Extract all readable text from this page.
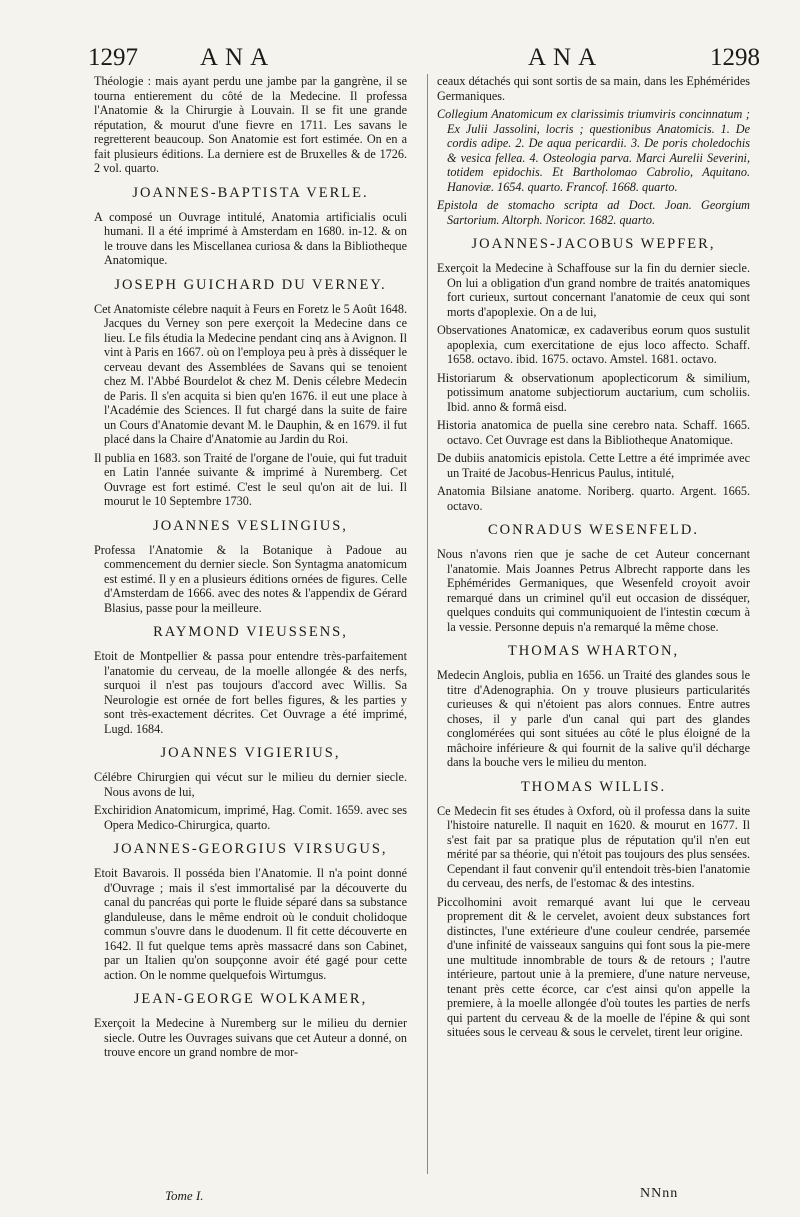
1297 ANA	ANA	1298
Théologie : mais ayant perdu une jambe par la gangrène, il se tourna entierement du côté de la Medecine. Il professa l'Anatomie & la Chirurgie à Louvain. Il se fit une grande réputation, & mourut d'une fievre en 1711. Les savans le regretterent beaucoup. Son Anatomie est fort estimée. On en a fait plusieurs éditions. La derniere est de Bruxelles & de 1726. 2 vol. quarto.
JOANNES-BAPTISTA VERLE.
A composé un Ouvrage intitulé, Anatomia artificialis oculi humani. Il a été imprimé à Amsterdam en 1680. in-12. & on le trouve dans les Miscellanea curiosa & dans la Bibliotheque Anatomique.
JOSEPH GUICHARD DU VERNEY.
Cet Anatomiste célebre naquit à Feurs en Foretz le 5 Août 1648. Jacques du Verney son pere exerçoit la Medecine dans ce lieu. Le fils étudia la Medecine pendant cinq ans à Avignon. Il vint à Paris en 1667. où on l'employa peu à près à disséquer le cerveau devant des Assemblées de Savans qui se tenoient chez M. l'Abbé Bourdelot & chez M. Denis célebre Medecin de Paris. Il s'en acquita si bien qu'en 1676. il eut une place à l'Académie des Sciences. Il fut chargé dans la suite de faire un Cours d'Anatomie devant M. le Dauphin, & en 1679. il fut placé dans la Chaire d'Anatomie au Jardin du Roi.
Il publia en 1683. son Traité de l'organe de l'ouie, qui fut traduit en Latin l'année suivante & imprimé à Nuremberg. Cet Ouvrage est fort estimé. C'est le seul qu'on ait de lui. Il mourut le 10 Septembre 1730.
JOANNES VESLINGIUS,
Professa l'Anatomie & la Botanique à Padoue au commencement du dernier siecle. Son Syntagma anatomicum est estimé. Il y en a plusieurs éditions ornées de figures. Celle d'Amsterdam de 1666. avec des notes & l'appendix de Gérard Blasius, passe pour la meilleure.
RAYMOND VIEUSSENS,
Etoit de Montpellier & passa pour entendre très-parfaitement l'anatomie du cerveau, de la moelle allongée & des nerfs, surquoi il n'est pas toujours d'accord avec Willis. Sa Neurologie est ornée de fort belles figures, & les parties y sont très-exactement décrites. Cet Ouvrage a été imprimé, Lugd. 1684.
JOANNES VIGIERIUS,
Célébre Chirurgien qui vécut sur le milieu du dernier siecle. Nous avons de lui,
Exchiridion Anatomicum, imprimé, Hag. Comit. 1659. avec ses Opera Medico-Chirurgica, quarto.
JOANNES-GEORGIUS VIRSUGUS,
Etoit Bavarois. Il posséda bien l'Anatomie. Il n'a point donné d'Ouvrage ; mais il s'est immortalisé par la découverte du canal du pancréas qui porte le fluide séparé dans sa substance glanduleuse, dans le même endroit où le conduit cholidoque commun s'ouvre dans le duodenum. Il fit cette découverte en 1642. Il fut quelque tems après massacré dans son Cabinet, par un Italien qu'on soupçonne avoir été gagé pour cette action. On le nomme quelquefois Wirtumgus.
JEAN-GEORGE WOLKAMER,
Exerçoit la Medecine à Nuremberg sur le milieu du dernier siecle. Outre les Ouvrages suivans que cet Auteur a donné, on trouve encore un grand nombre de mor-
ceaux détachés qui sont sortis de sa main, dans les Ephémérides Germaniques.
Collegium Anatomicum ex clarissimis triumviris concinnatum ; Ex Julii Jassolini, locris ; questionibus Anatomicis. 1. De cordis adipe. 2. De aqua pericardii. 3. De poris choledochis & vesica fellea. 4. Osteologia parva. Marci Aurelii Severini, totidem epidochis. Et Bartholomao Cabrolio, Aquitano. Hanoviæ. 1654. quarto. Francof. 1668. quarto.
Epistola de stomacho scripta ad Doct. Joan. Georgium Sartorium. Altorph. Noricor. 1682. quarto.
JOANNES-JACOBUS WEPFER,
Exerçoit la Medecine à Schaffouse sur la fin du dernier siecle. On lui a obligation d'un grand nombre de traités anatomiques fort curieux, surtout concernant l'anatomie de ceux qui sont morts d'apoplexie. On a de lui,
Observationes Anatomicæ, ex cadaveribus eorum quos sustulit apoplexia, cum exercitatione de ejus loco affecto. Schaff. 1658. octavo. ibid. 1675. octavo. Amstel. 1681. octavo.
Historiarum & observationum apoplecticorum & similium, potissimum anatome subjectiorum auctarium, cum scholiis. Ibid. anno & formâ eisd.
Historia anatomica de puella sine cerebro nata. Schaff. 1665. octavo. Cet Ouvrage est dans la Bibliotheque Anatomique.
De dubiis anatomicis epistola. Cette Lettre a été imprimée avec un Traité de Jacobus-Henricus Paulus, intitulé,
Anatomia Bilsiane anatome. Noriberg. quarto. Argent. 1665. octavo.
CONRADUS WESENFELD.
Nous n'avons rien que je sache de cet Auteur concernant l'anatomie. Mais Joannes Petrus Albrecht rapporte dans les Ephémérides Germaniques, que Wesenfeld croyoit avoir remarqué dans un criminel qu'il eut occasion de disséquer, quelques conduits qui communiquoient de l'intestin cœcum à la vessie. Personne depuis n'a remarqué la même chose.
THOMAS WHARTON,
Medecin Anglois, publia en 1656. un Traité des glandes sous le titre d'Adenographia. On y trouve plusieurs particularités curieuses & qui n'étoient pas alors connues. Entre autres choses, il y parle d'un canal qui part des glandes conglomérées qui sont situées au côté le plus éloigné de la mâchoire inférieure & qui fournit de la salive qu'il décharge dans la bouche vers le milieu du menton.
THOMAS WILLIS.
Ce Medecin fit ses études à Oxford, où il professa dans la suite l'histoire naturelle. Il naquit en 1620. & mourut en 1677. Il s'est fait par sa pratique plus de réputation qu'il n'en eut mérité par sa théorie, qui n'étoit pas toujours des plus sensées. Cependant il faut convenir qu'il entendoit très-bien l'anatomie du cerveau, des nerfs, de l'estomac & des intestins.
Piccolhomini avoit remarqué avant lui que le cerveau proprement dit & le cervelet, avoient deux substances fort distinctes, l'une extérieure d'une couleur cendrée, parsemée d'une infinité de vaisseaux sanguins qui font sous la pie-mere une multitude innombrable de tours & de retours ; l'autre intérieure, partout unie à la premiere, d'une nature nerveuse, tenant près cette écorce, car c'est ainsi qu'on appelle la premiere, à la moelle allongée d'où toutes les parties de nerfs qui partent du cerveau & de la moelle de l'épine & qui sont situées sous le cerveau & sous le cervelet, tirent leur origine.
Tome I.	NNnn
